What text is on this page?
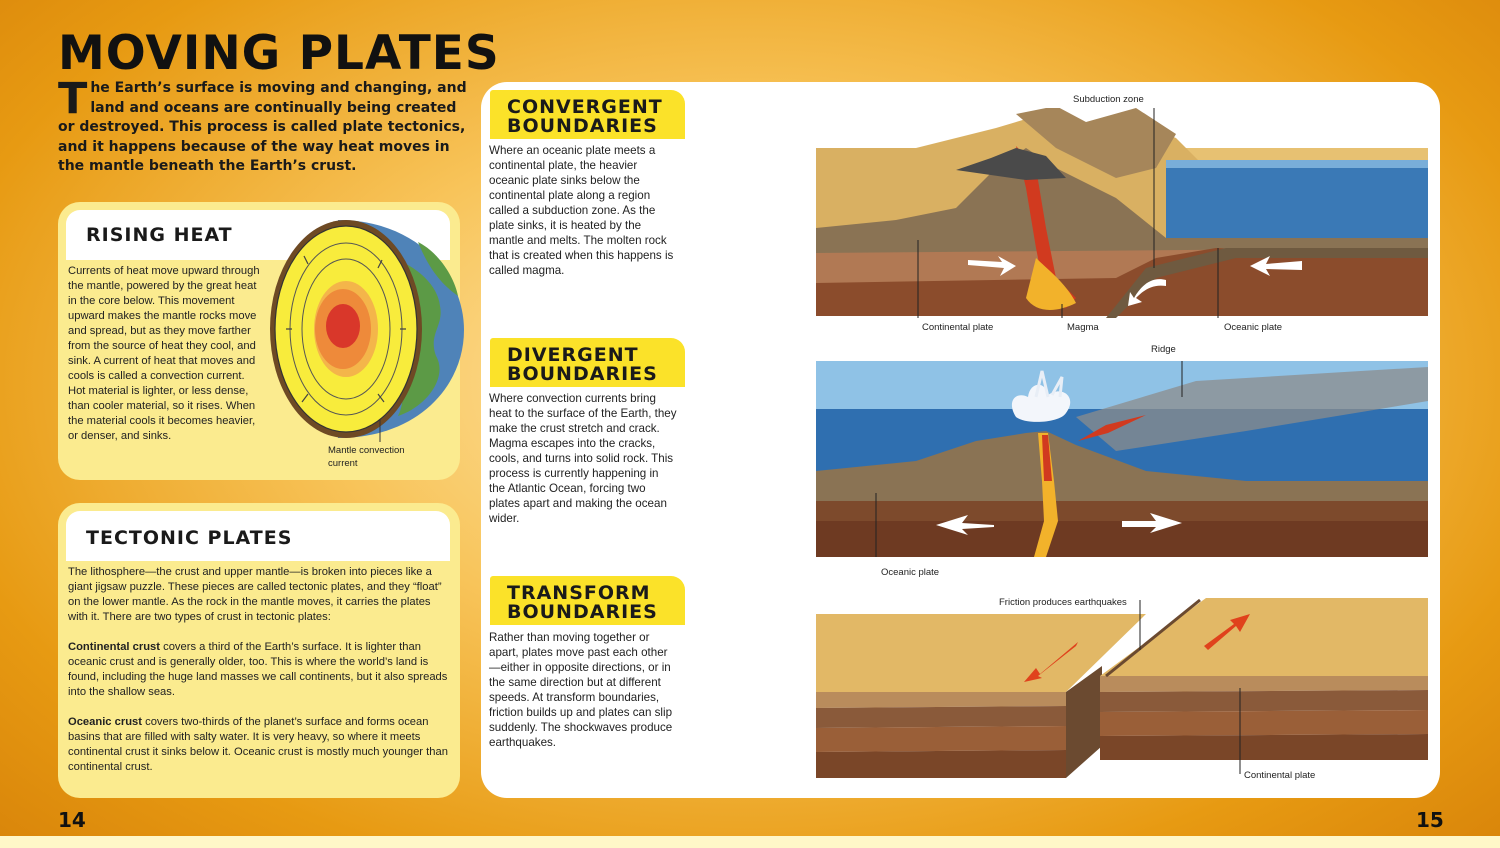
MOVING PLATES
The Earth’s surface is moving and changing, and land and oceans are continually being created or destroyed. This process is called plate tectonics, and it happens because of the way heat moves in the mantle beneath the Earth’s crust.
RISING HEAT
Currents of heat move upward through the mantle, powered by the great heat in the core below. This movement upward makes the mantle rocks move and spread, but as they move farther from the source of heat they cool, and sink. A current of heat that moves and cools is called a convection current. Hot material is lighter, or less dense, than cooler material, so it rises. When the material cools it becomes heavier, or denser, and sinks.
Mantle convection current
TECTONIC PLATES

The lithosphere—the crust and upper mantle—is broken into pieces like a giant jigsaw puzzle. These pieces are called tectonic plates, and they “float” on the lower mantle. As the rock in the mantle moves, it carries the plates with it. There are two types of crust in tectonic plates:

Continental crust covers a third of the Earth’s surface. It is lighter than oceanic crust and is generally older, too. This is where the world’s land is found, including the huge land masses we call continents, but it also spreads into the shallow seas.

Oceanic crust covers two-thirds of the planet’s surface and forms ocean basins that are filled with salty water. It is very heavy, so where it meets continental crust it sinks below it. Oceanic crust is mostly much younger than continental crust.

CONVERGENT
BOUNDARIES
Where an oceanic plate meets a continental plate, the heavier oceanic plate sinks below the continental plate along a region called a subduction zone. As the plate sinks, it is heated by the mantle and melts. The molten rock that is created when this happens is called magma.
Subduction zone
Continental plate	Magma	Oceanic plate
DIVERGENT
BOUNDARIES
Where convection currents bring heat to the surface of the Earth, they make the crust stretch and crack. Magma escapes into the cracks, cools, and turns into solid rock. This process is currently happening in the Atlantic Ocean, forcing two plates apart and making the ocean wider.
Ridge
Oceanic plate
TRANSFORM
BOUNDARIES
Rather than moving together or apart, plates move past each other—either in opposite directions, or in the same direction but at different speeds. At transform boundaries, friction builds up and plates can slip suddenly. The shockwaves produce earthquakes.
Friction produces earthquakes
Continental plate
14	15
